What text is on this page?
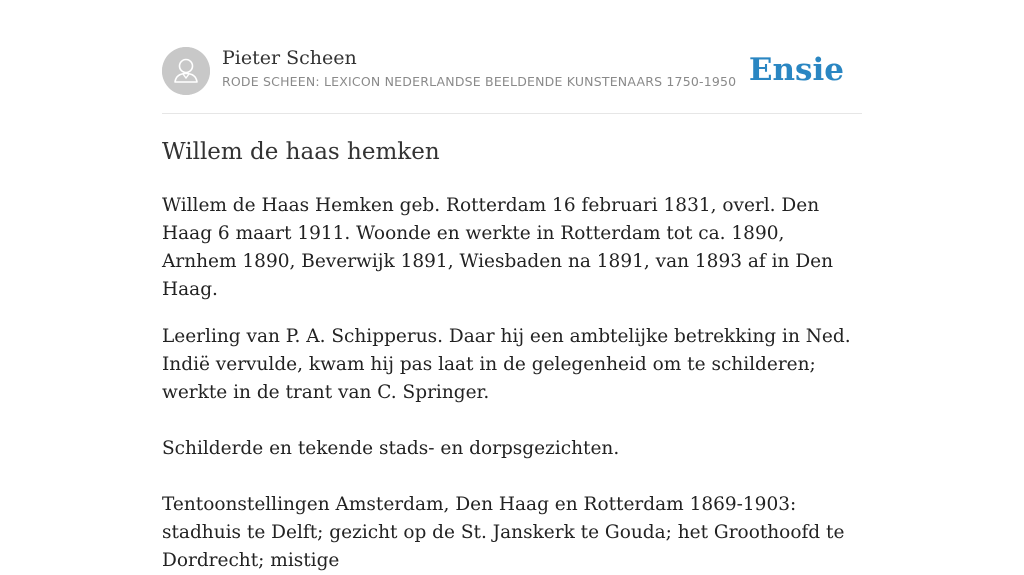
Pieter Scheen
RODE SCHEEN: LEXICON NEDERLANDSE BEELDENDE KUNSTENAARS 1750-1950 Ensie
Willem de haas hemken

Willem de Haas Hemken geb. Rotterdam 16 februari 1831, overl. Den Haag 6 maart 1911. Woonde en werkte in Rotterdam tot ca. 1890, Arnhem 1890, Beverwijk 1891, Wiesbaden na 1891, van 1893 af in Den Haag.

Leerling van P. A. Schipperus. Daar hij een ambtelijke betrekking in Ned. Indië vervulde, kwam hij pas laat in de gelegenheid om te schilderen; werkte in de trant van C. Springer.

Schilderde en tekende stads- en dorpsgezichten.

Tentoonstellingen Amsterdam, Den Haag en Rotterdam 1869-1903: stadhuis te Delft; gezicht op de St. Janskerk te Gouda; het Groothoofd te Dordrecht; mistige
